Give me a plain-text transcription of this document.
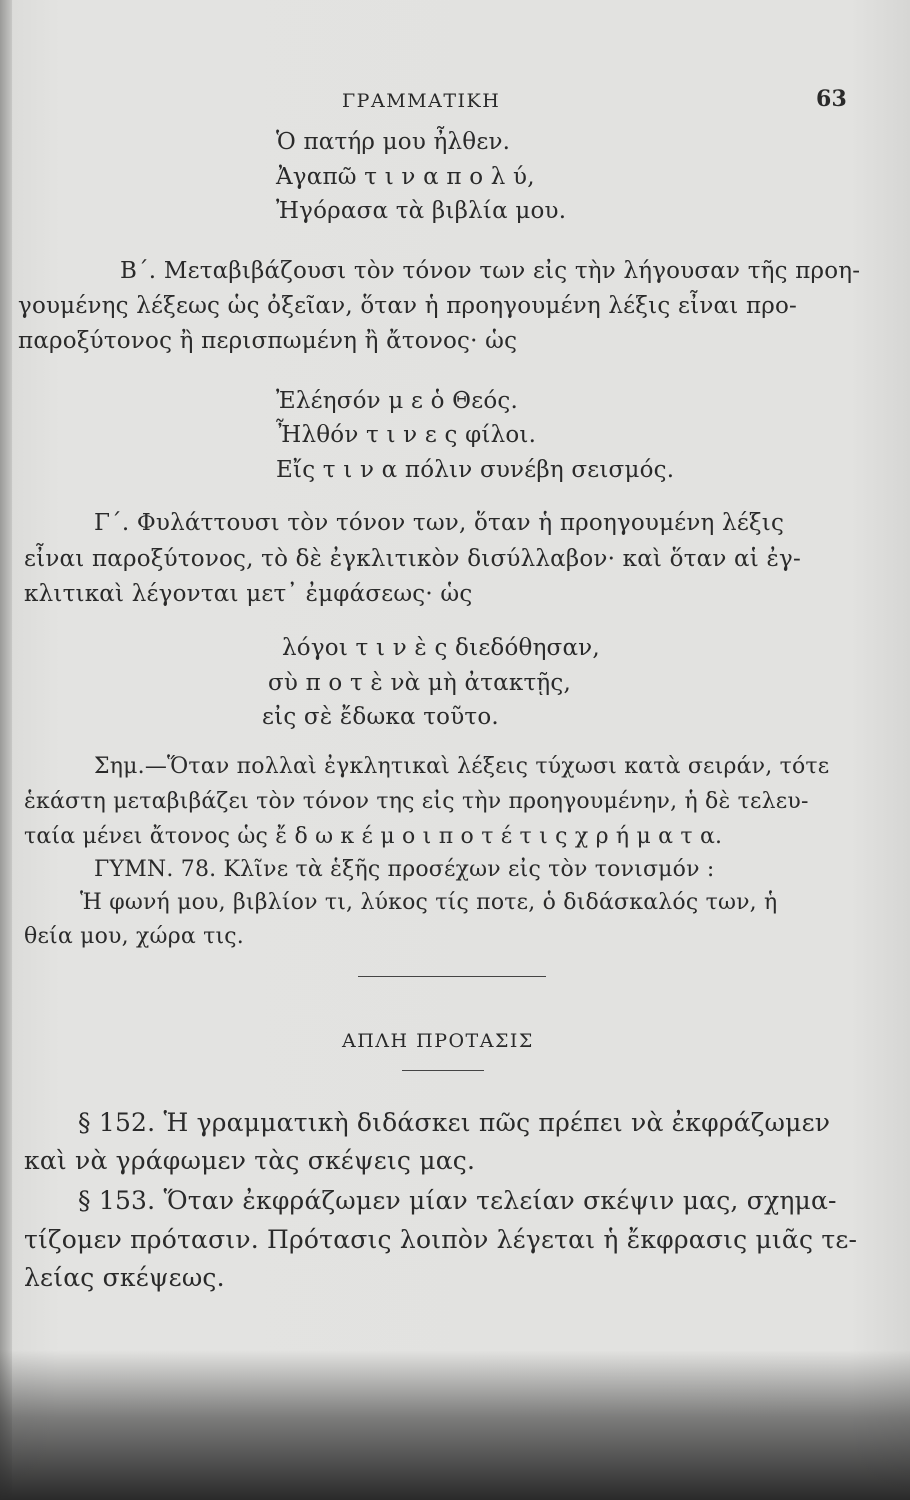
ΓΡΑΜΜΑΤΙΚΗ	63
Ὁ πατήρ μου ἦλθεν.
Ἀγαπῶ τ ι ν α π ο λ ύ,
Ἠγόρασα τὰ βιβλία μου.
Β΄. Μεταβιβάζουσι τὸν τόνον των εἰς τὴν λήγουσαν τῆς προη-
γουμένης λέξεως ὡς ὀξεῖαν, ὅταν ἡ προηγουμένη λέξις εἶναι προ-
παροξύτονος ἢ περισπωμένη ἢ ἄτονος· ὡς
Ἐλέησόν μ ε ὁ Θεός.
Ἦλθόν τ ι ν ε ς φίλοι.
Εἴς τ ι ν α πόλιν συνέβη σεισμός.
Γ΄. Φυλάττουσι τὸν τόνον των, ὅταν ἡ προηγουμένη λέξις
εἶναι παροξύτονος, τὸ δὲ ἐγκλιτικὸν δισύλλαβον· καὶ ὅταν αἱ ἐγ-
κλιτικαὶ λέγονται μετ᾽ ἐμφάσεως· ὡς
λόγοι τ ι ν ὲ ς διεδόθησαν,
σὺ π ο τ ὲ νὰ μὴ ἀτακτῇς,
εἰς σὲ ἔδωκα τοῦτο.
Σημ.—Ὅταν πολλαὶ ἐγκλητικαὶ λέξεις τύχωσι κατὰ σειράν, τότε
ἑκάστη μεταβιβάζει τὸν τόνον της εἰς τὴν προηγουμένην, ἡ δὲ τελευ-
ταία μένει ἄτονος ὡς ἔ δ ω κ έ μ ο ι π ο τ έ τ ι ς χ ρ ή μ α τ α.
ΓΥΜΝ. 78. Κλῖνε τὰ ἑξῆς προσέχων εἰς τὸν τονισμόν :
Ἡ φωνή μου, βιβλίον τι, λύκος τίς ποτε, ὁ διδάσκαλός των, ἡ
θεία μου, χώρα τις.
ΑΠΛΗ ΠΡΟΤΑΣΙΣ
§ 152. Ἡ γραμματικὴ διδάσκει πῶς πρέπει νὰ ἐκφράζωμεν
καὶ νὰ γράφωμεν τὰς σκέψεις μας.
§ 153. Ὅταν ἐκφράζωμεν μίαν τελείαν σκέψιν μας, σχημα-
τίζομεν πρότασιν. Πρότασις λοιπὸν λέγεται ἡ ἔκφρασις μιᾶς τε-
λείας σκέψεως.
